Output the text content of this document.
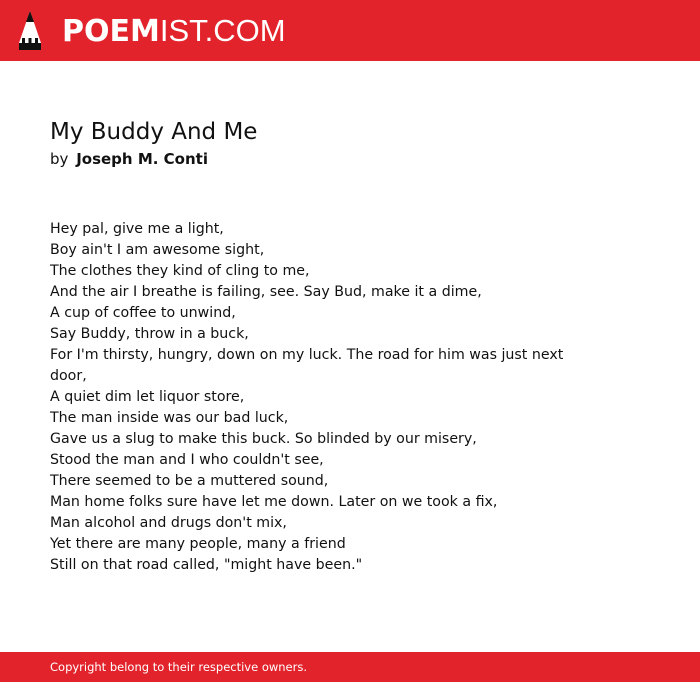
POEMIST.COM
My Buddy And Me
by Joseph M. Conti
Hey pal, give me a light,
Boy ain't I am awesome sight,
The clothes they kind of cling to me,
And the air I breathe is failing, see. Say Bud, make it a dime,
A cup of coffee to unwind,
Say Buddy, throw in a buck,
For I'm thirsty, hungry, down on my luck. The road for him was just next door,
A quiet dim let liquor store,
The man inside was our bad luck,
Gave us a slug to make this buck. So blinded by our misery,
Stood the man and I who couldn't see,
There seemed to be a muttered sound,
Man home folks sure have let me down. Later on we took a fix,
Man alcohol and drugs don't mix,
Yet there are many people, many a friend
Still on that road called, "might have been."
Copyright belong to their respective owners.
